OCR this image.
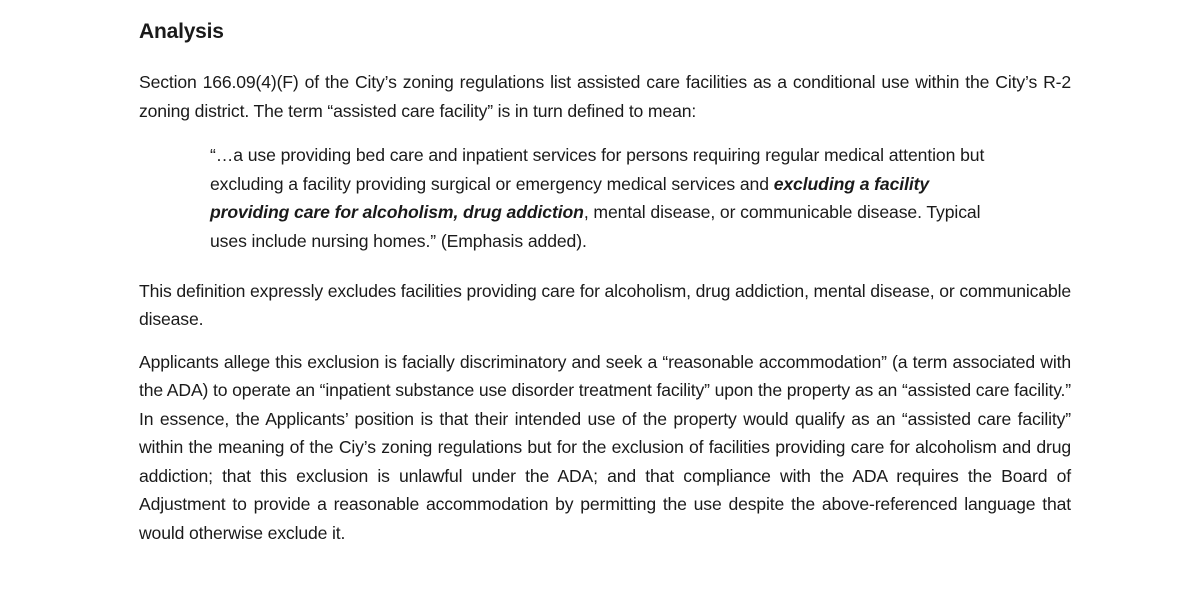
Analysis

Section 166.09(4)(F) of the City’s zoning regulations list assisted care facilities as a conditional use within the City’s R-2 zoning district. The term “assisted care facility” is in turn defined to mean:

“…a use providing bed care and inpatient services for persons requiring regular medical attention but excluding a facility providing surgical or emergency medical services and excluding a facility providing care for alcoholism, drug addiction, mental disease, or communicable disease. Typical uses include nursing homes.” (Emphasis added).

This definition expressly excludes facilities providing care for alcoholism, drug addiction, mental disease, or communicable disease.

Applicants allege this exclusion is facially discriminatory and seek a “reasonable accommodation” (a term associated with the ADA) to operate an “inpatient substance use disorder treatment facility” upon the property as an “assisted care facility.” In essence, the Applicants’ position is that their intended use of the property would qualify as an “assisted care facility” within the meaning of the Ciy’s zoning regulations but for the exclusion of facilities providing care for alcoholism and drug addiction; that this exclusion is unlawful under the ADA; and that compliance with the ADA requires the Board of Adjustment to provide a reasonable accommodation by permitting the use despite the above-referenced language that would otherwise exclude it.
